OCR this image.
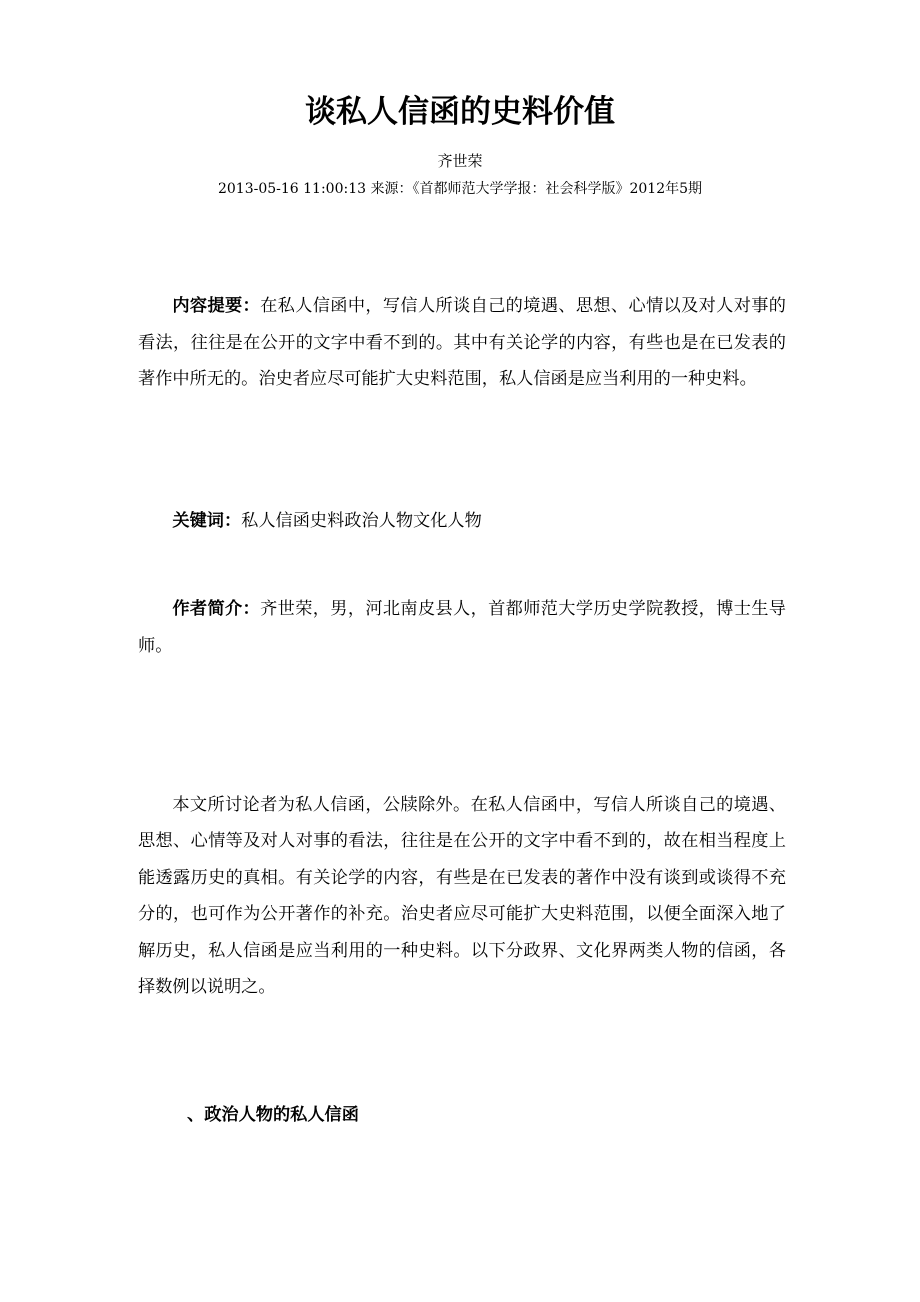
谈私人信函的史料价值

齐世荣

2013-05-16 11:00:13 来源：《首都师范大学学报：社会科学版》2012年5期

内容提要：在私人信函中，写信人所谈自己的境遇、思想、心情以及对人对事的看法，往往是在公开的文字中看不到的。其中有关论学的内容，有些也是在已发表的著作中所无的。治史者应尽可能扩大史料范围，私人信函是应当利用的一种史料。

关键词：私人信函史料政治人物文化人物

作者简介：齐世荣，男，河北南皮县人，首都师范大学历史学院教授，博士生导师。

本文所讨论者为私人信函，公牍除外。在私人信函中，写信人所谈自己的境遇、思想、心情等及对人对事的看法，往往是在公开的文字中看不到的，故在相当程度上能透露历史的真相。有关论学的内容，有些是在已发表的著作中没有谈到或谈得不充分的，也可作为公开著作的补充。治史者应尽可能扩大史料范围，以便全面深入地了解历史，私人信函是应当利用的一种史料。以下分政界、文化界两类人物的信函，各择数例以说明之。

、政治人物的私人信函
